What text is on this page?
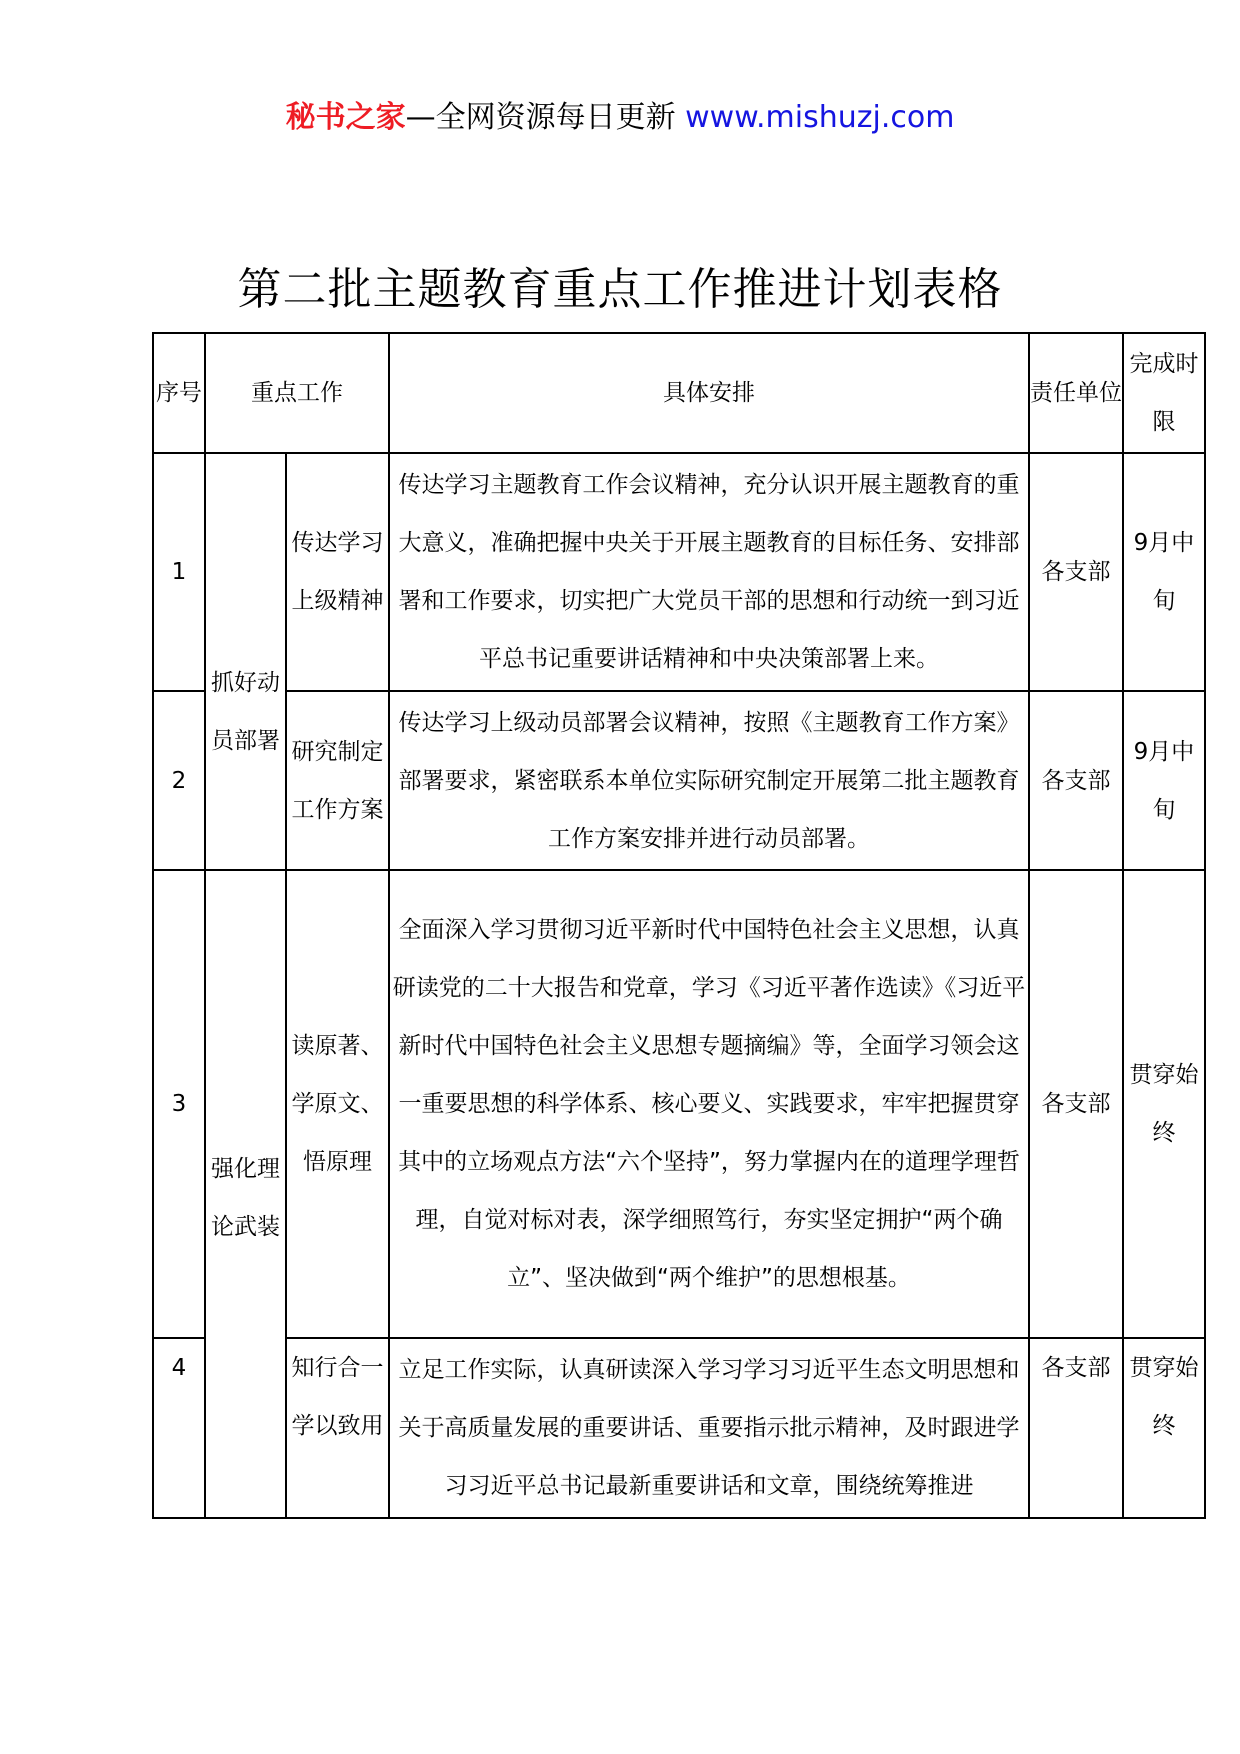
秘书之家—全网资源每日更新 www.mishuzj.com
第二批主题教育重点工作推进计划表格
序号	重点工作		具体安排	责任单位	完成时限
1	抓好动员部署	传达学习上级精神	传达学习主题教育工作会议精神，充分认识开展主题教育的重大意义，准确把握中央关于开展主题教育的目标任务、安排部署和工作要求，切实把广大党员干部的思想和行动统一到习近平总书记重要讲话精神和中央决策部署上来。	各支部	9月中旬
2		研究制定工作方案	传达学习上级动员部署会议精神，按照《主题教育工作方案》部署要求，紧密联系本单位实际研究制定开展第二批主题教育工作方案安排并进行动员部署。	各支部	9月中旬
3	强化理论武装	读原著、学原文、悟原理	全面深入学习贯彻习近平新时代中国特色社会主义思想，认真研读党的二十大报告和党章，学习《习近平著作选读》《习近平新时代中国特色社会主义思想专题摘编》等，全面学习领会这一重要思想的科学体系、核心要义、实践要求，牢牢把握贯穿其中的立场观点方法“六个坚持”，努力掌握内在的道理学理哲理，自觉对标对表，深学细照笃行，夯实坚定拥护“两个确立”、坚决做到“两个维护”的思想根基。	各支部	贯穿始终
4		知行合一学以致用	立足工作实际，认真研读深入学习学习习近平生态文明思想和关于高质量发展的重要讲话、重要指示批示精神，及时跟进学习习近平总书记最新重要讲话和文章，围绕统筹推进	各支部	贯穿始终
